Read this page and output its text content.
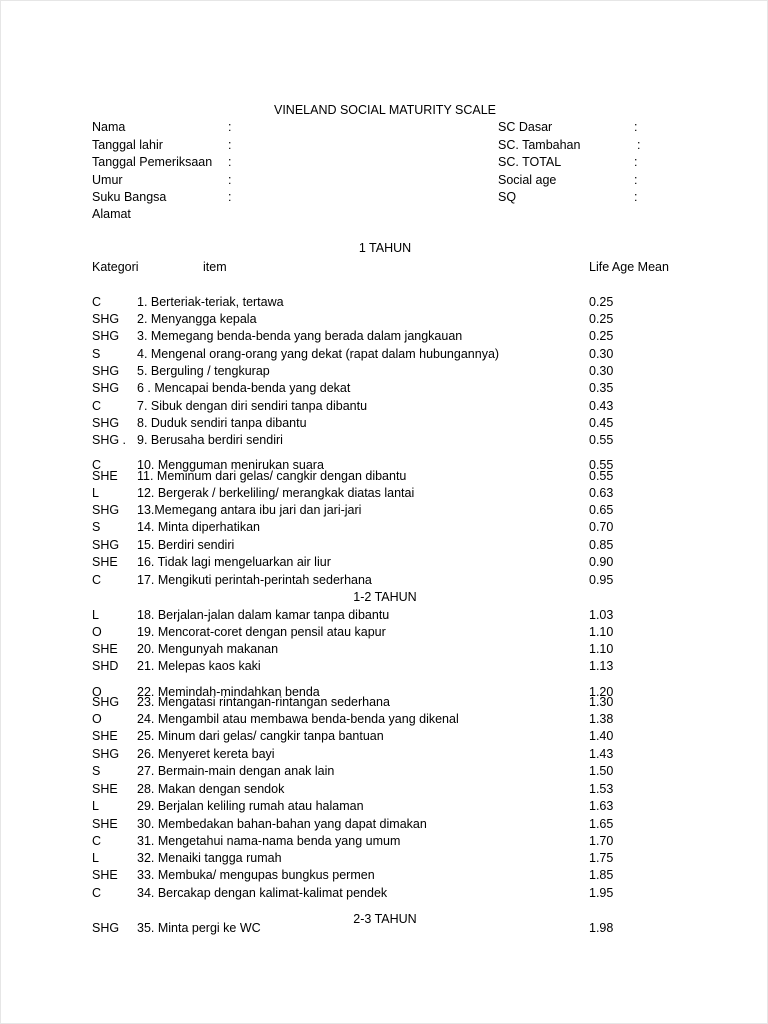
VINELAND SOCIAL MATURITY SCALE
Nama	:
Tanggal lahir	:
Tanggal Pemeriksaan :
Umur	:
Suku Bangsa	:
Alamat
SC Dasar	:
SC. Tambahan	:
SC. TOTAL	:
Social age	:
SQ	:
1 TAHUN
Kategori	item	Life Age Mean
C	1. Berteriak-teriak, tertawa	0.25
SHG 2. Menyangga kepala	0.25
SHG 3. Memegang benda-benda yang berada dalam jangkauan	0.25
S	4. Mengenal orang-orang yang dekat (rapat dalam hubungannya)	0.30
SHG 5. Berguling / tengkurap	0.30
SHG 6 . Mencapai benda-benda yang dekat	0.35
C	7. Sibuk dengan diri sendiri tanpa dibantu	0.43
SHG 8. Duduk sendiri tanpa dibantu	0.45
SHG . 9. Berusaha berdiri sendiri	0.55
C	10. Mengguman menirukan suara	0.55
SHE 11. Meminum dari gelas/ cangkir dengan dibantu	0.55
L	12. Bergerak / berkeliling/ merangkak diatas lantai	0.63
SHG 13.Memegang antara ibu jari dan jari-jari	0.65
S	14. Minta diperhatikan	0.70
SHG 15. Berdiri sendiri	0.85
SHE 16. Tidak lagi mengeluarkan air liur	0.90
C	17. Mengikuti perintah-perintah sederhana	0.95
L	18. Berjalan-jalan dalam kamar tanpa dibantu	1.03
O	19. Mencorat-coret dengan pensil atau kapur	1.10
SHE 20. Mengunyah makanan	1.10
SHD 21. Melepas kaos kaki	1.13
O	22. Memindah-mindahkan benda	1.20
SHG 23. Mengatasi rintangan-rintangan sederhana	1.30
O	24. Mengambil atau membawa benda-benda yang dikenal	1.38
SHE 25. Minum dari gelas/ cangkir tanpa bantuan	1.40
SHG 26. Menyeret kereta bayi	1.43
S	27. Bermain-main dengan anak lain	1.50
SHE 28. Makan dengan sendok	1.53
L	29. Berjalan keliling rumah atau halaman	1.63
SHE 30. Membedakan bahan-bahan yang dapat dimakan	1.65
C	31. Mengetahui nama-nama benda yang umum	1.70
L	32. Menaiki tangga rumah	1.75
SHE 33. Membuka/ mengupas bungkus permen	1.85
C	34. Bercakap dengan kalimat-kalimat pendek	1.95
SHG 35. Minta pergi ke WC	1.98
1-2 TAHUN
2-3 TAHUN
